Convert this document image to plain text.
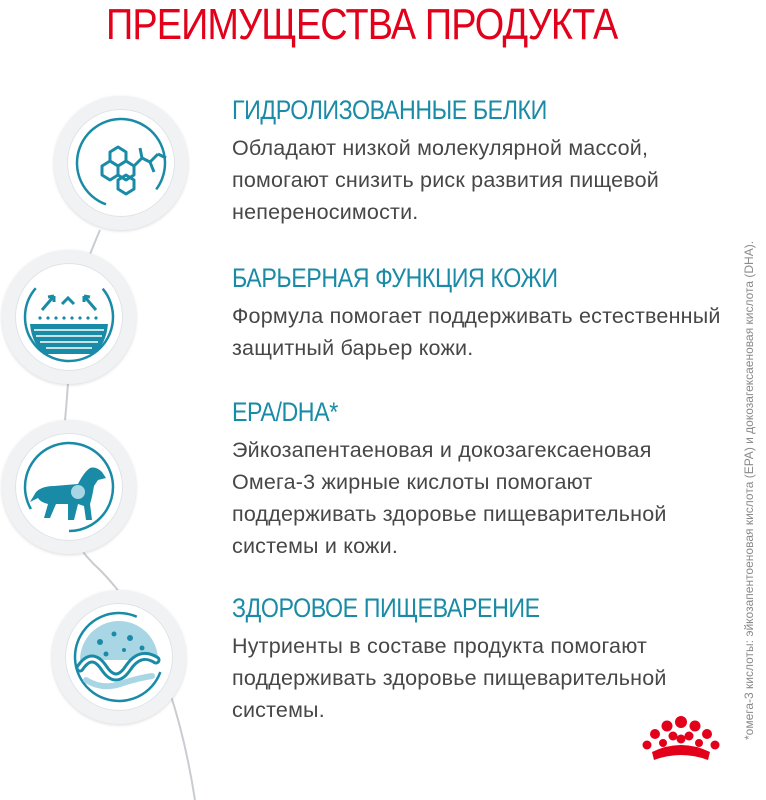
ПРЕИМУЩЕСТВА ПРОДУКТА
ГИДРОЛИЗОВАННЫЕ БЕЛКИ

Обладают низкой молекулярной массой, помогают снизить риск развития пищевой непереносимости.

БАРЬЕРНАЯ ФУНКЦИЯ КОЖИ

Формула помогает поддерживать естественный защитный барьер кожи.

EPA/DHA*

Эйкозапентаеновая и докозагексаеновая Омега-3 жирные кислоты помогают поддерживать здоровье пищеварительной системы и кожи.

ЗДОРОВОЕ ПИЩЕВАРЕНИЕ

Нутриенты в составе продукта помогают поддерживать здоровье пищеварительной системы.	*омега-3 кислоты: эйкозапентоеновая кислота (EPA) и докозагексаеновая кислота (DHA).
